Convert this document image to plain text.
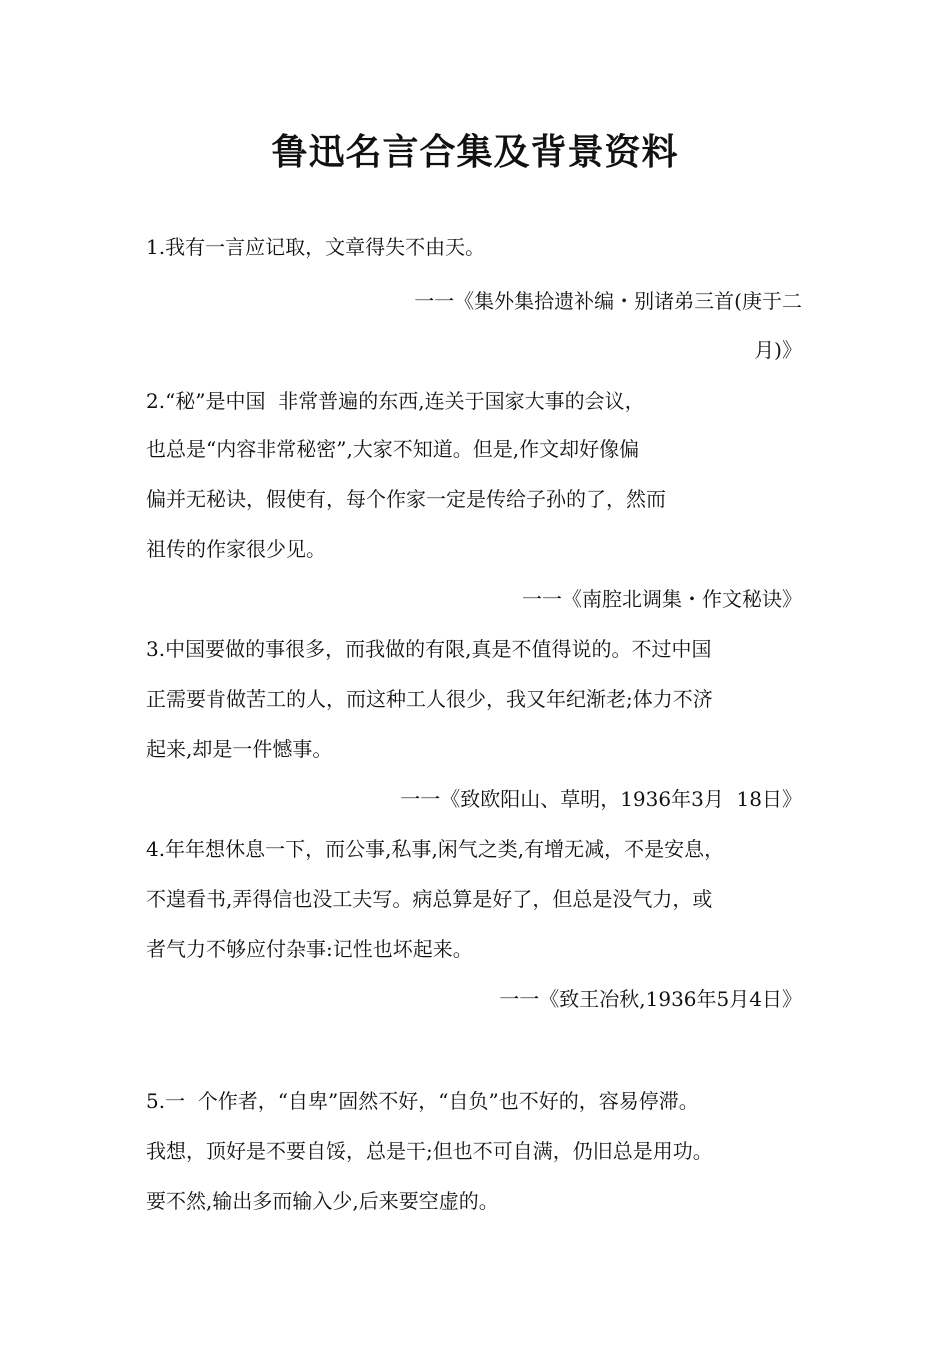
鲁迅名言合集及背景资料
1.我有一言应记取，文章得失不由天。
一一《集外集拾遗补编・别诸弟三首(庚于二
月)》
2.“秘”是中国  非常普遍的东西,连关于国家大事的会议，
也总是“内容非常秘密”,大家不知道。但是,作文却好像偏
偏并无秘诀，假使有，每个作家一定是传给子孙的了，然而
祖传的作家很少见。
一一《南腔北调集・作文秘诀》
3.中国要做的事很多，而我做的有限,真是不值得说的。不过中国
正需要肯做苦工的人，而这种工人很少，我又年纪渐老;体力不济
起来,却是一件憾事。
一一《致欧阳山、草明，1936年3月  18日》
4.年年想休息一下，而公事,私事,闲气之类,有增无减，不是安息，
不遑看书,弄得信也没工夫写。病总算是好了，但总是没气力，或
者气力不够应付杂事:记性也坏起来。
一一《致王冶秋,1936年5月4日》
5.一  个作者，“自卑”固然不好，“自负”也不好的，容易停滞。
我想，顶好是不要自馁，总是干;但也不可自满，仍旧总是用功。
要不然,输出多而输入少,后来要空虚的。
